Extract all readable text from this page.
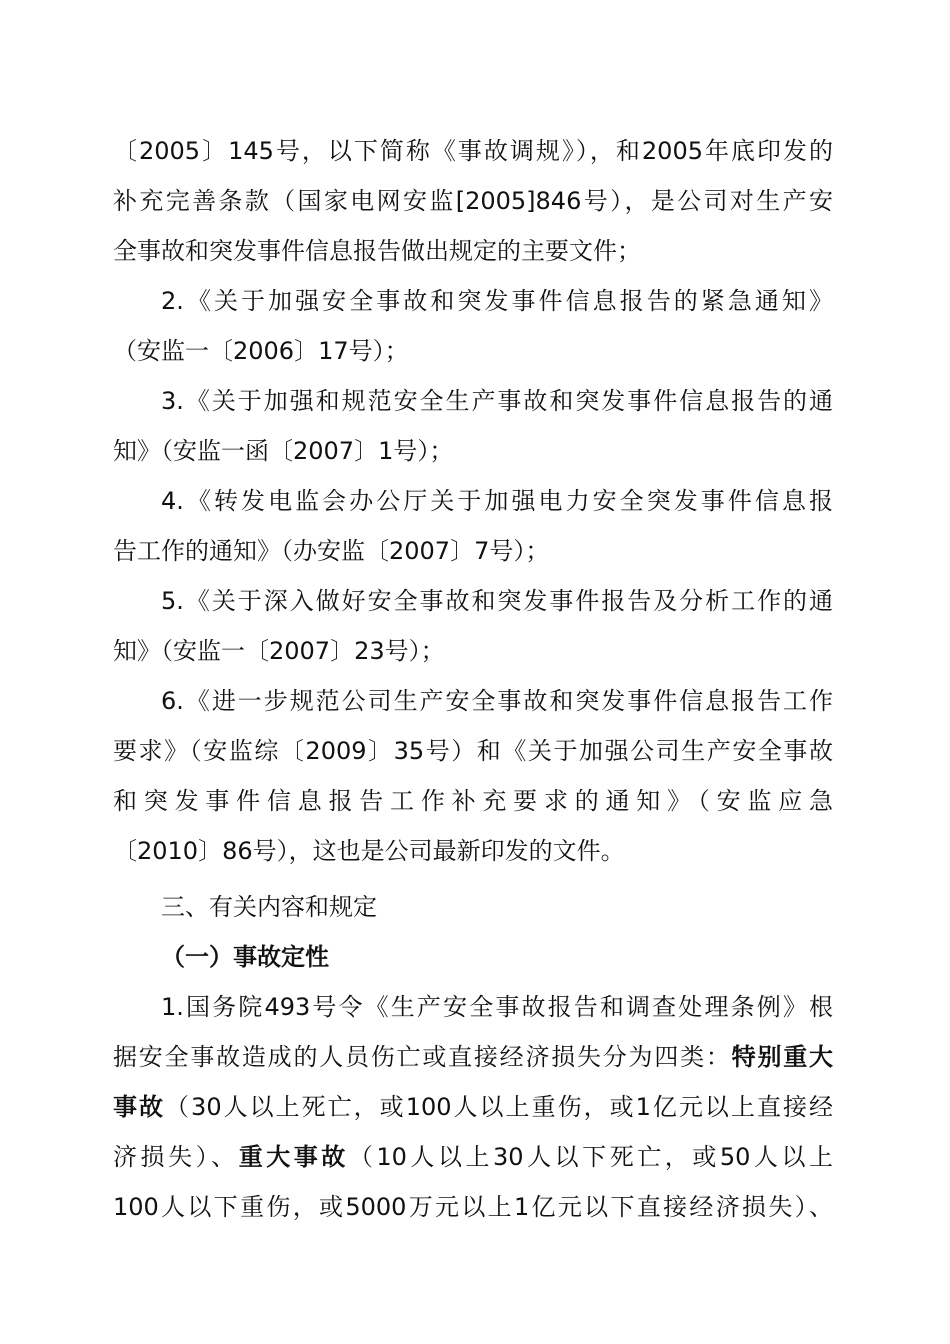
〔2005〕145号，以下简称《事故调规》），和2005年底印发的
补充完善条款（国家电网安监[2005]846号），是公司对生产安
全事故和突发事件信息报告做出规定的主要文件；
2.《关于加强安全事故和突发事件信息报告的紧急通知》
（安监一〔2006〕17号）；
3.《关于加强和规范安全生产事故和突发事件信息报告的通
知》（安监一函〔2007〕1号）；
4.《转发电监会办公厅关于加强电力安全突发事件信息报
告工作的通知》（办安监〔2007〕7号）；
5.《关于深入做好安全事故和突发事件报告及分析工作的通
知》（安监一〔2007〕23号）；
6.《进一步规范公司生产安全事故和突发事件信息报告工作
要求》（安监综〔2009〕35号）和《关于加强公司生产安全事故
和突发事件信息报告工作补充要求的通知》（安监应急
〔2010〕86号），这也是公司最新印发的文件。
三、有关内容和规定
（一）事故定性
1.国务院493号令《生产安全事故报告和调查处理条例》根
据安全事故造成的人员伤亡或直接经济损失分为四类：特别重大
事故（30人以上死亡，或100人以上重伤，或1亿元以上直接经
济损失）、重大事故（10人以上30人以下死亡，或50人以上
100人以下重伤，或5000万元以上1亿元以下直接经济损失）、
